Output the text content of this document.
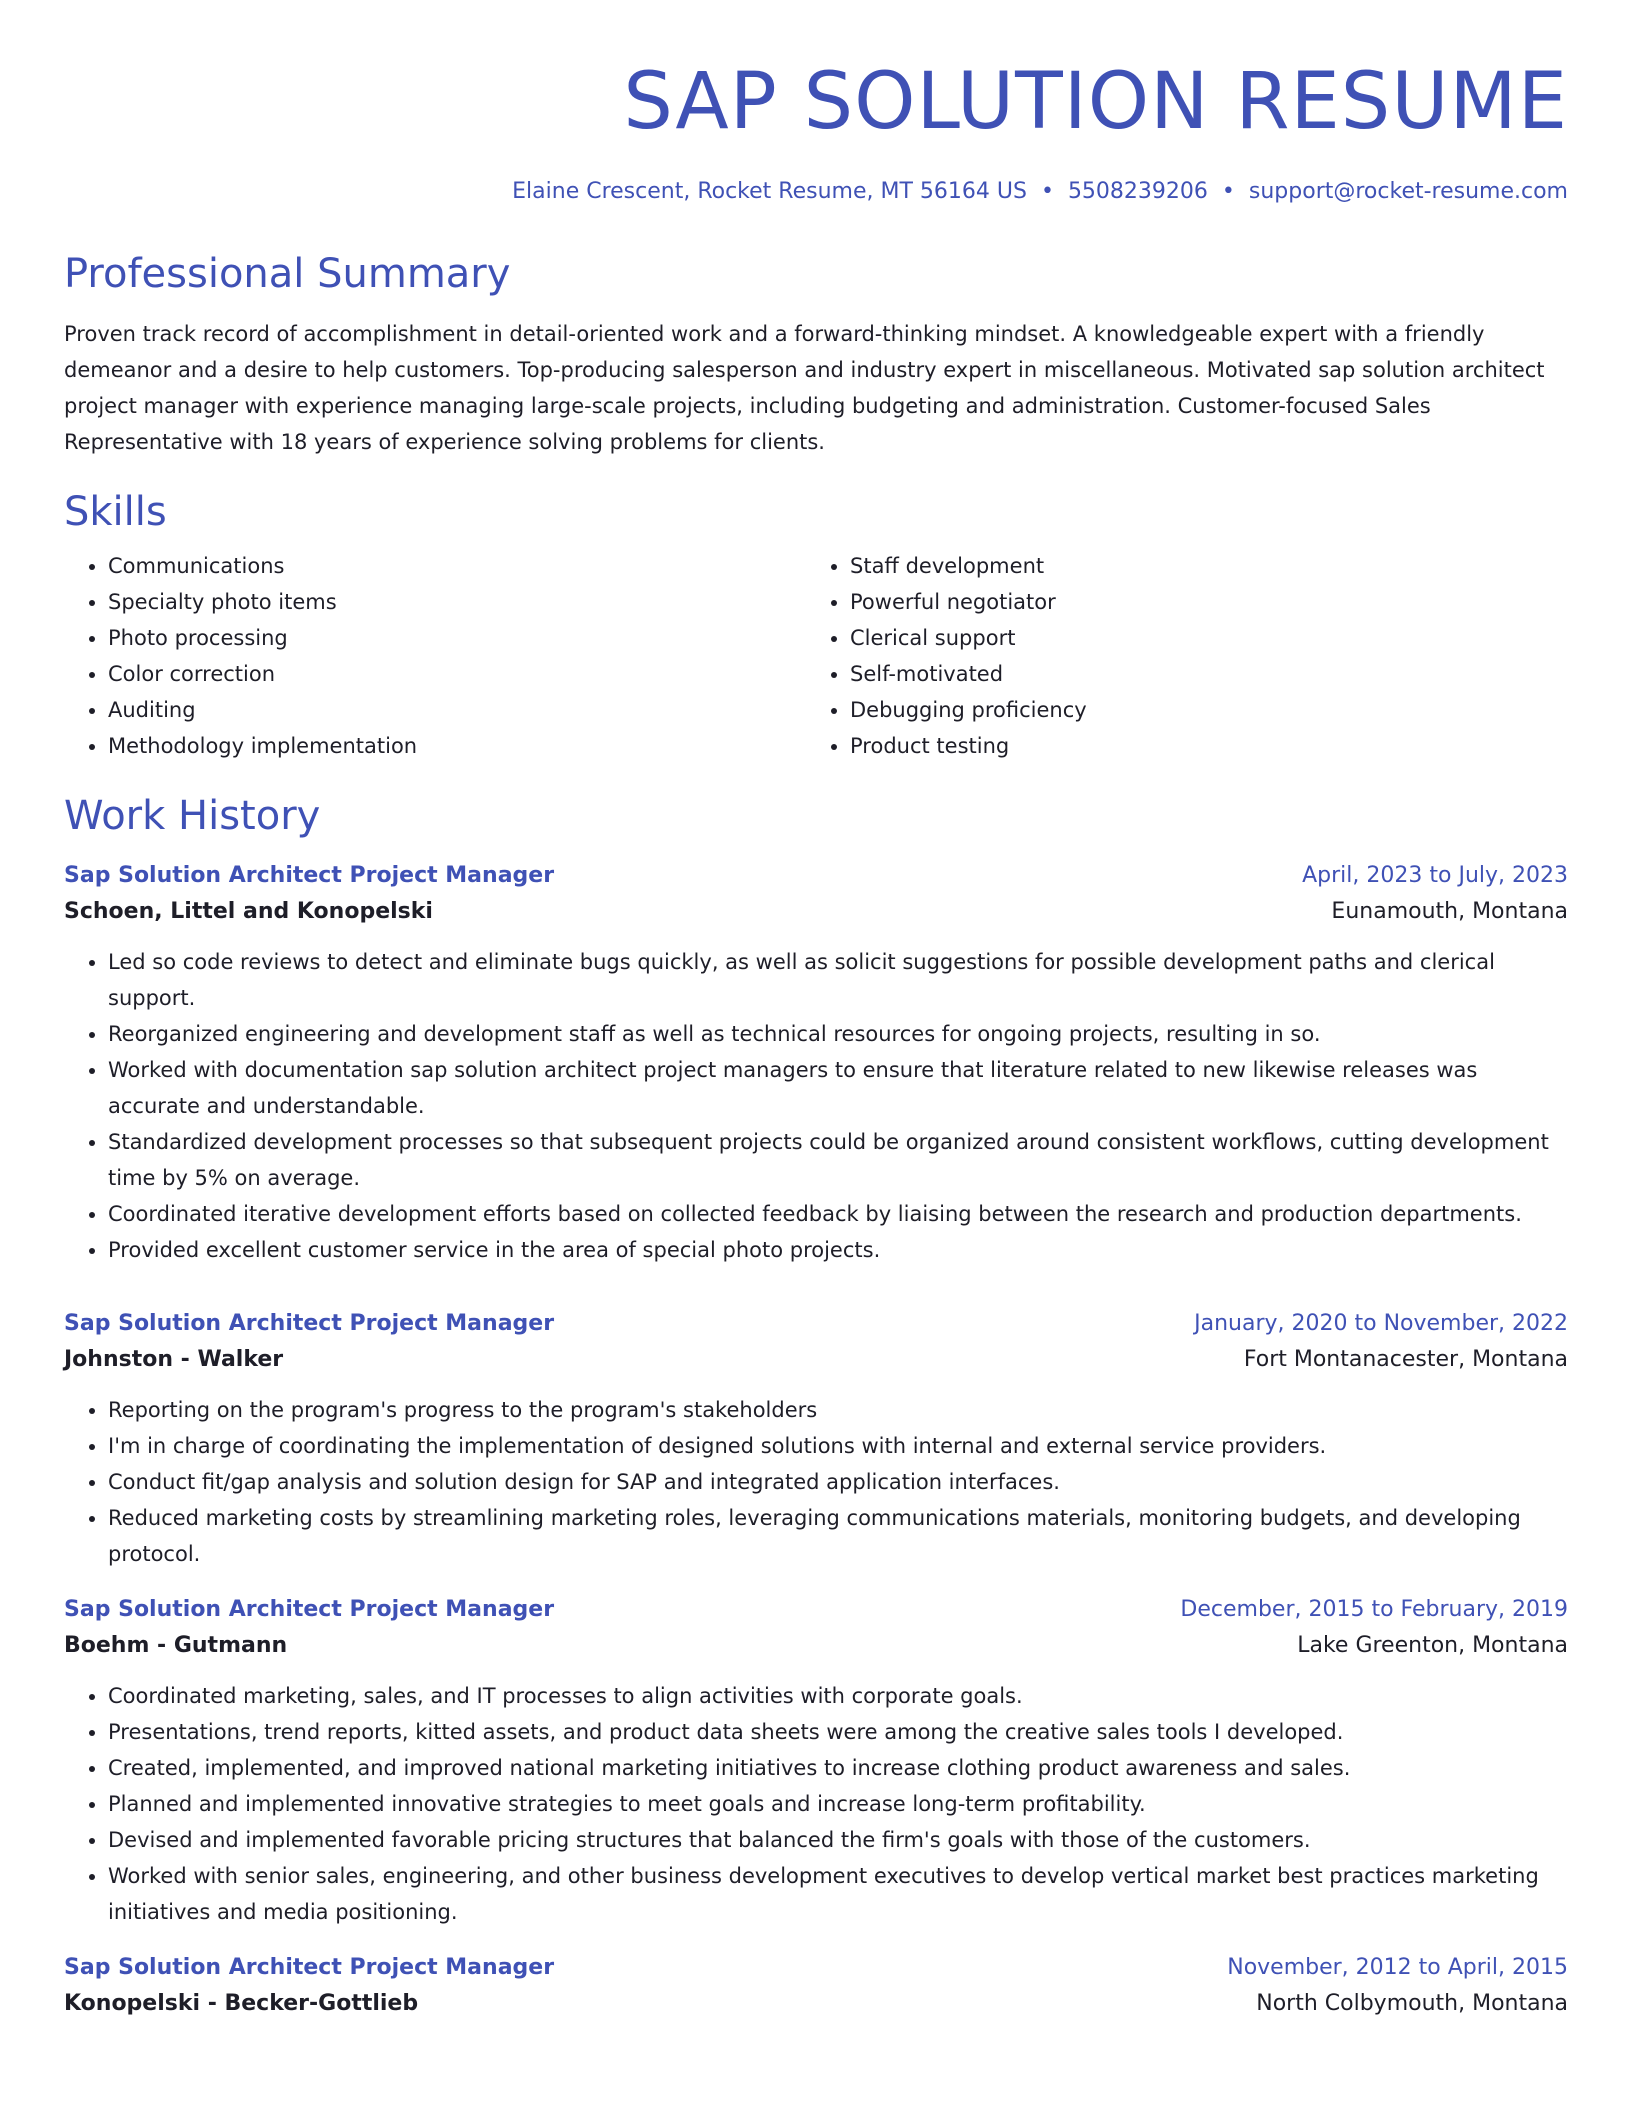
SAP SOLUTION RESUME
Elaine Crescent, Rocket Resume, MT 56164 US • 5508239206 • support@rocket-resume.com
Professional Summary

Proven track record of accomplishment in detail-oriented work and a forward-thinking mindset. A knowledgeable expert with a friendly demeanor and a desire to help customers. Top-producing salesperson and industry expert in miscellaneous. Motivated sap solution architect project manager with experience managing large-scale projects, including budgeting and administration. Customer-focused Sales Representative with 18 years of experience solving problems for clients.

Skills
• Communications
• Specialty photo items
• Photo processing
• Color correction
• Auditing
• Methodology implementation
• Staff development
• Powerful negotiator
• Clerical support
• Self-motivated
• Debugging proficiency
• Product testing
Work History
Sap Solution Architect Project Manager	April, 2023 to July, 2023
Schoen, Littel and Konopelski	Eunamouth, Montana
• Led so code reviews to detect and eliminate bugs quickly, as well as solicit suggestions for possible development paths and clerical support.
• Reorganized engineering and development staff as well as technical resources for ongoing projects, resulting in so.
• Worked with documentation sap solution architect project managers to ensure that literature related to new likewise releases was accurate and understandable.
• Standardized development processes so that subsequent projects could be organized around consistent workflows, cutting development time by 5% on average.
• Coordinated iterative development efforts based on collected feedback by liaising between the research and production departments.
• Provided excellent customer service in the area of special photo projects.
Sap Solution Architect Project Manager	January, 2020 to November, 2022
Johnston - Walker	Fort Montanacester, Montana
• Reporting on the program's progress to the program's stakeholders
• I'm in charge of coordinating the implementation of designed solutions with internal and external service providers.
• Conduct fit/gap analysis and solution design for SAP and integrated application interfaces.
• Reduced marketing costs by streamlining marketing roles, leveraging communications materials, monitoring budgets, and developing protocol.
Sap Solution Architect Project Manager	December, 2015 to February, 2019
Boehm - Gutmann	Lake Greenton, Montana
• Coordinated marketing, sales, and IT processes to align activities with corporate goals.
• Presentations, trend reports, kitted assets, and product data sheets were among the creative sales tools I developed.
• Created, implemented, and improved national marketing initiatives to increase clothing product awareness and sales.
• Planned and implemented innovative strategies to meet goals and increase long-term profitability.
• Devised and implemented favorable pricing structures that balanced the firm's goals with those of the customers.
• Worked with senior sales, engineering, and other business development executives to develop vertical market best practices marketing initiatives and media positioning.
Sap Solution Architect Project Manager	November, 2012 to April, 2015
Konopelski - Becker-Gottlieb	North Colbymouth, Montana
